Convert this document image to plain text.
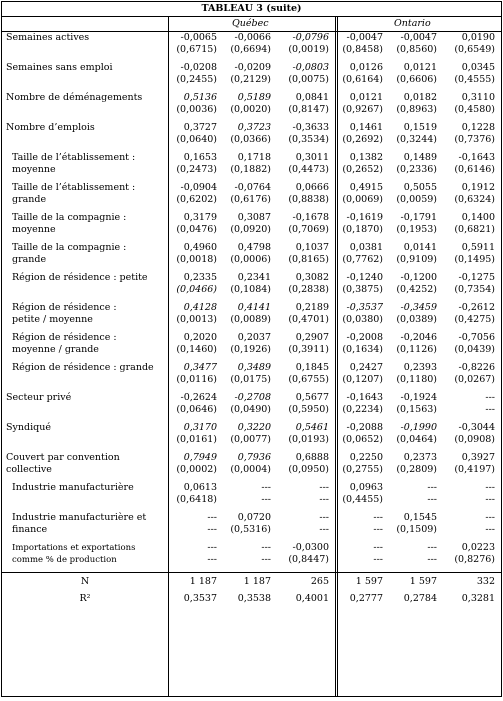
TABLEAU 3 (suite)
Québec	Ontario
Semaines actives	-0,0065	-0,0066	-0,0796	-0,0047	-0,0047	0,0190
	(0,6715)	(0,6694)	(0,0019)	(0,8458)	(0,8560)	(0,6549)

Semaines sans emploi	-0,0208	-0,0209	-0,0803	0,0126	0,0121	0,0345
	(0,2455)	(0,2129)	(0,0075)	(0,6164)	(0,6606)	(0,4555)

Nombre de déménagements	0,5136	0,5189	0,0841	0,0121	0,0182	0,3110
	(0,0036)	(0,0020)	(0,8147)	(0,9267)	(0,8963)	(0,4580)

Nombre d’emplois	0,3727	0,3723	-0,3633	0,1461	0,1519	0,1228
	(0,0640)	(0,0366)	(0,3534)	(0,2692)	(0,3244)	(0,7376)

Taille de l’établissement :
moyenne	0,1653	0,1718	0,3011	0,1382	0,1489	-0,1643
	(0,2473)	(0,1882)	(0,4473)	(0,2652)	(0,2336)	(0,6146)

Taille de l’établissement :
grande	-0,0904	-0,0764	0,0666	0,4915	0,5055	0,1912
	(0,6202)	(0,6176)	(0,8838)	(0,0069)	(0,0059)	(0,6324)

Taille de la compagnie :
moyenne	0,3179	0,3087	-0,1678	-0,1619	-0,1791	0,1400
	(0,0476)	(0,0920)	(0,7069)	(0,1870)	(0,1953)	(0,6821)

Taille de la compagnie :
grande	0,4960	0,4798	0,1037	0,0381	0,0141	0,5911
	(0,0018)	(0,0006)	(0,8165)	(0,7762)	(0,9109)	(0,1495)

Région de résidence : petite	0,2335	0,2341	0,3082	-0,1240	-0,1200	-0,1275
	(0,0466)	(0,1084)	(0,2838)	(0,3875)	(0,4252)	(0,7354)

Région de résidence :
petite / moyenne	0,4128	0,4141	0,2189	-0,3537	-0,3459	-0,2612
	(0,0013)	(0,0089)	(0,4701)	(0,0380)	(0,0389)	(0,4275)

Région de résidence :
moyenne / grande	0,2020	0,2037	0,2907	-0,2008	-0,2046	-0,7056
	(0,1460)	(0,1926)	(0,3911)	(0,1634)	(0,1126)	(0,0439)

Région de résidence : grande	0,3477	0,3489	0,1845	0,2427	0,2393	-0,8226
	(0,0116)	(0,0175)	(0,6755)	(0,1207)	(0,1180)	(0,0267)

Secteur privé	-0,2624	-0,2708	0,5677	-0,1643	-0,1924	---
	(0,0646)	(0,0490)	(0,5950)	(0,2234)	(0,1563)	---

Syndiqué	0,3170	0,3220	0,5461	-0,2088	-0,1990	-0,3044
	(0,0161)	(0,0077)	(0,0193)	(0,0652)	(0,0464)	(0,0908)

Couvert par convention
collective	0,7949	0,7936	0,6888	0,2250	0,2373	0,3927
	(0,0002)	(0,0004)	(0,0950)	(0,2755)	(0,2809)	(0,4197)

Industrie manufacturière	0,0613	---	---	0,0963	---	---
	(0,6418)	---	---	(0,4455)	---	---

Industrie manufacturière et
finance	---	0,0720	---	---	0,1545	---
	---	(0,5316)	---	---	(0,1509)	---

Importations et exportations
comme % de production	---	---	-0,0300	---	---	0,0223
	---	---	(0,8447)	---	---	(0,8276)

N	1 187	1 187	265	1 597	1 597	332
R²	0,3537	0,3538	0,4001	0,2777	0,2784	0,3281
